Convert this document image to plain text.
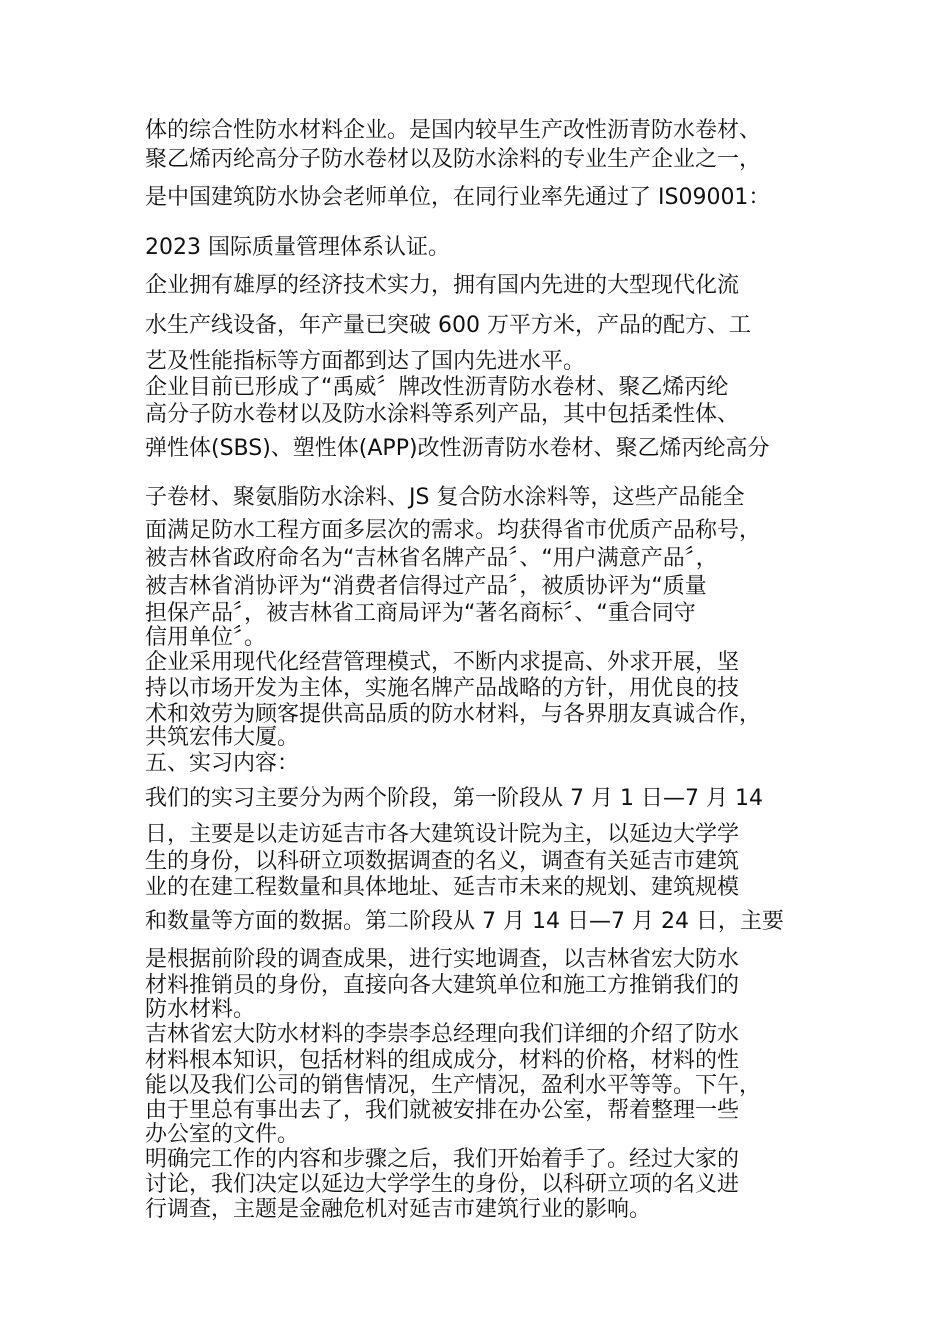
体的综合性防水材料企业。是国内较早生产改性沥青防水卷材、
聚乙烯丙纶高分子防水卷材以及防水涂料的专业生产企业之一，
是中国建筑防水协会老师单位，在同行业率先通过了 IS09001：
2023 国际质量管理体系认证。
企业拥有雄厚的经济技术实力，拥有国内先进的大型现代化流
水生产线设备，年产量已突破 600 万平方米，产品的配方、工
艺及性能指标等方面都到达了国内先进水平。
企业目前已形成了“禹威〞牌改性沥青防水卷材、聚乙烯丙纶
高分子防水卷材以及防水涂料等系列产品，其中包括柔性体、
弹性体(SBS)、塑性体(APP)改性沥青防水卷材、聚乙烯丙纶高分
子卷材、聚氨脂防水涂料、JS 复合防水涂料等，这些产品能全
面满足防水工程方面多层次的需求。均获得省市优质产品称号，
被吉林省政府命名为“吉林省名牌产品〞、“用户满意产品〞，
被吉林省消协评为“消费者信得过产品〞，被质协评为“质量
担保产品〞，被吉林省工商局评为“著名商标〞、“重合同守
信用单位〞。
企业采用现代化经营管理模式，不断内求提高、外求开展，坚
持以市场开发为主体，实施名牌产品战略的方针，用优良的技
术和效劳为顾客提供高品质的防水材料，与各界朋友真诚合作，
共筑宏伟大厦。
五、实习内容：
我们的实习主要分为两个阶段，第一阶段从 7 月 1 日—7 月 14
日，主要是以走访延吉市各大建筑设计院为主，以延边大学学
生的身份，以科研立项数据调查的名义，调查有关延吉市建筑
业的在建工程数量和具体地址、延吉市未来的规划、建筑规模
和数量等方面的数据。第二阶段从 7 月 14 日—7 月 24 日，主要
是根据前阶段的调查成果，进行实地调查，以吉林省宏大防水
材料推销员的身份，直接向各大建筑单位和施工方推销我们的
防水材料。
吉林省宏大防水材料的李崇李总经理向我们详细的介绍了防水
材料根本知识，包括材料的组成成分，材料的价格，材料的性
能以及我们公司的销售情况，生产情况，盈利水平等等。下午，
由于里总有事出去了，我们就被安排在办公室，帮着整理一些
办公室的文件。
明确完工作的内容和步骤之后，我们开始着手了。经过大家的
讨论，我们决定以延边大学学生的身份，以科研立项的名义进
行调查，主题是金融危机对延吉市建筑行业的影响。
